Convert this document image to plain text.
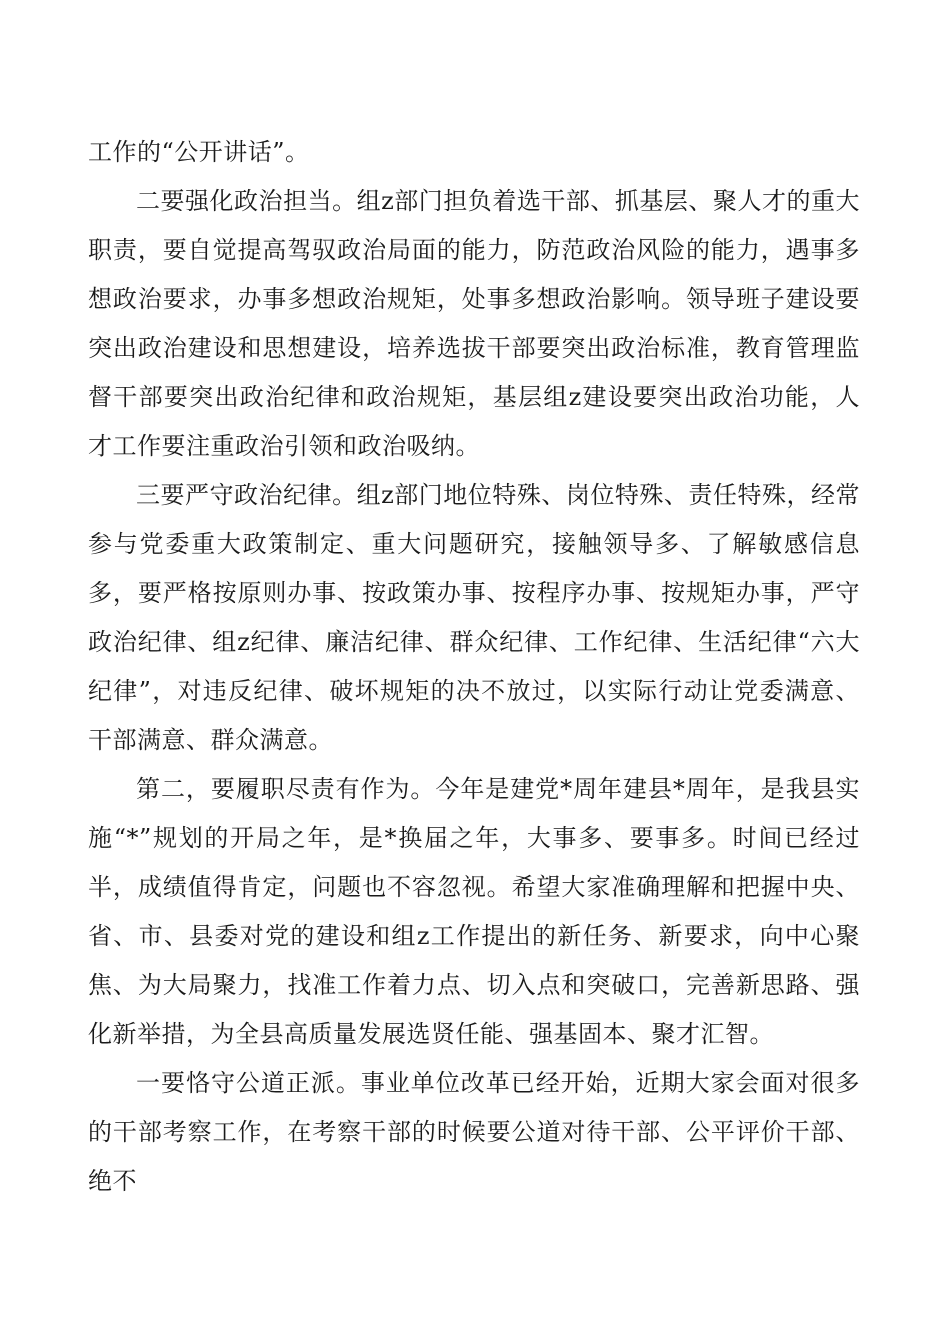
工作的“公开讲话”。

二要强化政治担当。组z部门担负着选干部、抓基层、聚人才的重大职责，要自觉提高驾驭政治局面的能力，防范政治风险的能力，遇事多想政治要求，办事多想政治规矩，处事多想政治影响。领导班子建设要突出政治建设和思想建设，培养选拔干部要突出政治标准，教育管理监督干部要突出政治纪律和政治规矩，基层组z建设要突出政治功能，人才工作要注重政治引领和政治吸纳。

三要严守政治纪律。组z部门地位特殊、岗位特殊、责任特殊，经常参与党委重大政策制定、重大问题研究，接触领导多、了解敏感信息多，要严格按原则办事、按政策办事、按程序办事、按规矩办事，严守政治纪律、组z纪律、廉洁纪律、群众纪律、工作纪律、生活纪律“六大纪律”，对违反纪律、破坏规矩的决不放过，以实际行动让党委满意、干部满意、群众满意。

第二，要履职尽责有作为。今年是建党*周年建县*周年，是我县实施“*”规划的开局之年，是*换届之年，大事多、要事多。时间已经过半，成绩值得肯定，问题也不容忽视。希望大家准确理解和把握中央、省、市、县委对党的建设和组z工作提出的新任务、新要求，向中心聚焦、为大局聚力，找准工作着力点、切入点和突破口，完善新思路、强化新举措，为全县高质量发展选贤任能、强基固本、聚才汇智。

一要恪守公道正派。事业单位改革已经开始，近期大家会面对很多的干部考察工作，在考察干部的时候要公道对待干部、公平评价干部、绝不
